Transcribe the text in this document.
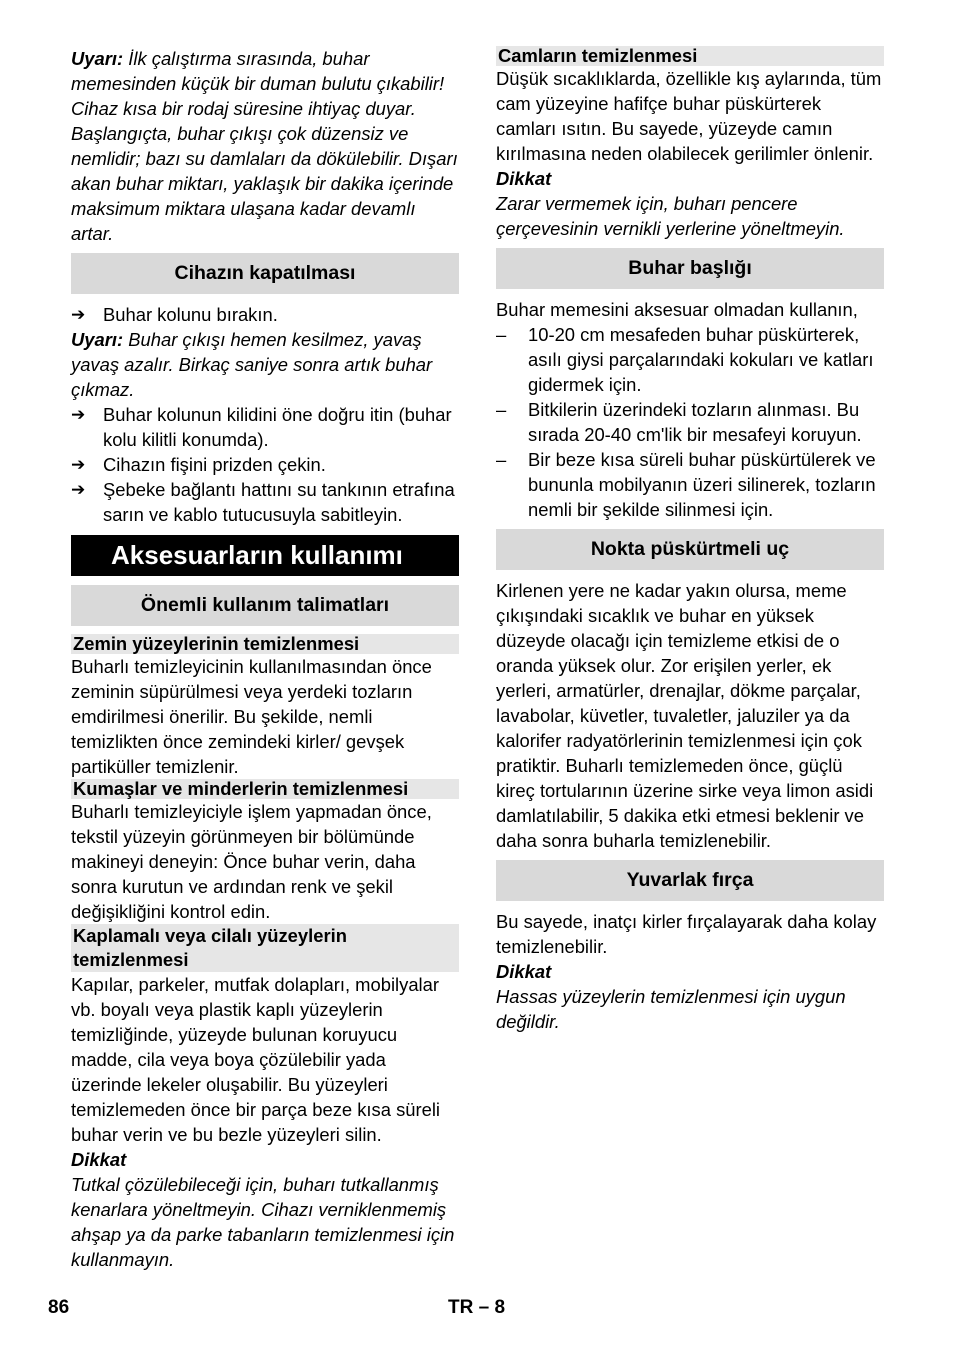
Uyarı: İlk çalıştırma sırasında, buhar memesinden küçük bir duman bulutu çıkabilir! Cihaz kısa bir rodaj süresine ihtiyaç duyar. Başlangıçta, buhar çıkışı çok düzensiz ve nemlidir; bazı su damlaları da dökülebilir. Dışarı akan buhar miktarı, yaklaşık bir dakika içerinde maksimum miktara ulaşana kadar devamlı artar.

Cihazın kapatılması
➔ Buhar kolunu bırakın.

Uyarı: Buhar çıkışı hemen kesilmez, yavaş yavaş azalır. Birkaç saniye sonra artık buhar çıkmaz.

➔ Buhar kolunun kilidini öne doğru itin (buhar kolu kilitli konumda).
➔ Cihazın fişini prizden çekin.
➔ Şebeke bağlantı hattını su tankının etrafına sarın ve kablo tutucusuyla sabitleyin.
Aksesuarların kullanımı
Önemli kullanım talimatları
Zemin yüzeylerinin temizlenmesi

Buharlı temizleyicinin kullanılmasından önce zeminin süpürülmesi veya yerdeki tozların emdirilmesi önerilir. Bu şekilde, nemli temizlikten önce zemindeki kirler/ gevşek partiküller temizlenir.

Kumaşlar ve minderlerin temizlenmesi

Buharlı temizleyiciyle işlem yapmadan önce, tekstil yüzeyin görünmeyen bir bölümünde makineyi deneyin: Önce buhar verin, daha sonra kurutun ve ardından renk ve şekil değişikliğini kontrol edin.

Kaplamalı veya cilalı yüzeylerin temizlenmesi

Kapılar, parkeler, mutfak dolapları, mobilyalar vb. boyalı veya plastik kaplı yüzeylerin temizliğinde, yüzeyde bulunan koruyucu madde, cila veya boya çözülebilir yada üzerinde lekeler oluşabilir. Bu yüzeyleri temizlemeden önce bir parça beze kısa süreli buhar verin ve bu bezle yüzeyleri silin.

Dikkat

Tutkal çözülebileceği için, buharı tutkallanmış kenarlara yöneltmeyin. Cihazı verniklenmemiş ahşap ya da parke tabanların temizlenmesi için kullanmayın.

Camların temizlenmesi

Düşük sıcaklıklarda, özellikle kış aylarında, tüm cam yüzeyine hafifçe buhar püskürterek camları ısıtın. Bu sayede, yüzeyde camın kırılmasına neden olabilecek gerilimler önlenir.

Dikkat

Zarar vermemek için, buharı pencere çerçevesinin vernikli yerlerine yöneltmeyin.

Buhar başlığı

Buhar memesini aksesuar olmadan kullanın,

–	10-20 cm mesafeden buhar püskürterek, asılı giysi parçalarındaki kokuları ve katları gidermek için.
–	Bitkilerin üzerindeki tozların alınması. Bu sırada 20-40 cm'lik bir mesafeyi koruyun.
–	Bir beze kısa süreli buhar püskürtülerek ve bununla mobilyanın üzeri silinerek, tozların nemli bir şekilde silinmesi için.
Nokta püskürtmeli uç

Kirlenen yere ne kadar yakın olursa, meme çıkışındaki sıcaklık ve buhar en yüksek düzeyde olacağı için temizleme etkisi de o oranda yüksek olur. Zor erişilen yerler, ek yerleri, armatürler, drenajlar, dökme parçalar, lavabolar, küvetler, tuvaletler, jaluziler ya da kalorifer radyatörlerinin temizlenmesi için çok pratiktir. Buharlı temizlemeden önce, güçlü kireç tortularının üzerine sirke veya limon asidi damlatılabilir, 5 dakika etki etmesi beklenir ve daha sonra buharla temizlenebilir.

Yuvarlak fırça

Bu sayede, inatçı kirler fırçalayarak daha kolay temizlenebilir.

Dikkat

Hassas yüzeylerin temizlenmesi için uygun değildir.

86	TR – 8
